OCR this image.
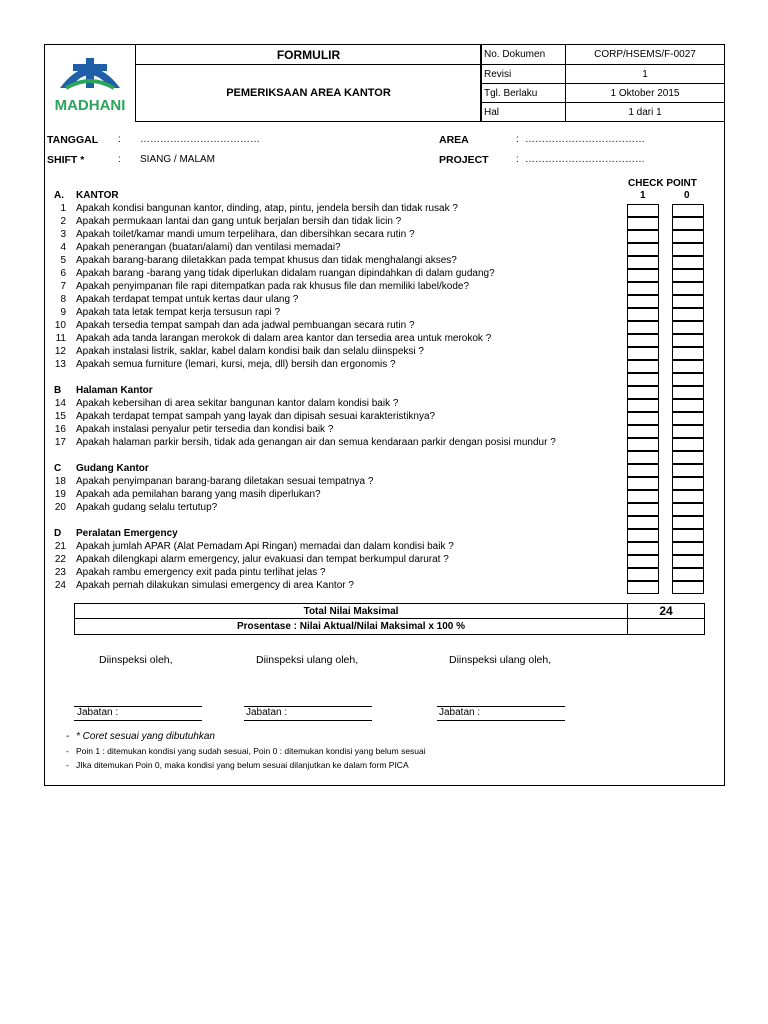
MADHANI
FORMULIR
PEMERIKSAAN AREA KANTOR
No. Dokumen	CORP/HSEMS/F-0027
Revisi	1
Tgl. Berlaku	1 Oktober 2015
Hal	1 dari 1
TANGGAL : ………………………………
SHIFT *	: SIANG / MALAM
AREA	: ………………………………
PROJECT	: ………………………………
CHECK POINT
1	0
A. KANTOR
1 Apakah kondisi bangunan kantor, dinding, atap, pintu, jendela bersih dan tidak rusak ?
2 Apakah permukaan lantai dan gang untuk berjalan bersih dan tidak licin ?
3 Apakah toilet/kamar mandi umum terpelihara, dan dibersihkan secara rutin ?
4 Apakah penerangan (buatan/alami) dan ventilasi memadai?
5 Apakah barang-barang diletakkan pada tempat khusus dan tidak menghalangi akses?
6 Apakah barang -barang yang tidak diperlukan didalam ruangan dipindahkan di dalam gudang?
7 Apakah penyimpanan file rapi ditempatkan pada rak khusus file dan memiliki label/kode?
8 Apakah terdapat tempat untuk kertas daur ulang ?
9 Apakah tata letak tempat kerja tersusun rapi ?
10 Apakah tersedia tempat sampah dan ada jadwal pembuangan secara rutin ?
11 Apakah ada tanda larangan merokok di dalam area kantor dan tersedia area untuk merokok ?
12 Apakah instalasi listrik, saklar, kabel dalam kondisi baik dan selalu diinspeksi ?
13 Apakah semua furniture (lemari, kursi, meja, dll) bersih dan ergonomis ?
B Halaman Kantor
14 Apakah kebersihan di area sekitar bangunan kantor dalam kondisi baik ?
15 Apakah terdapat tempat sampah yang layak dan dipisah sesuai karakteristiknya?
16 Apakah instalasi penyalur petir tersedia dan kondisi baik ?
17 Apakah halaman parkir bersih, tidak ada genangan air dan semua kendaraan parkir dengan posisi mundur ?
C Gudang Kantor
18 Apakah penyimpanan barang-barang diletakan sesuai tempatnya ?
19 Apakah ada pemilahan barang yang masih diperlukan?
20 Apakah gudang selalu tertutup?
D Peralatan Emergency
21 Apakah jumlah APAR (Alat Pemadam Api Ringan) memadai dan dalam kondisi baik ?
22 Apakah dilengkapi alarm emergency, jalur evakuasi dan tempat berkumpul darurat ?
23 Apakah rambu emergency exit pada pintu terlihat jelas ?
24 Apakah pernah dilakukan simulasi emergency di area Kantor ?
Total Nilai Maksimal	24
Prosentase : Nilai Aktual/Nilai Maksimal x 100 %
Diinspeksi oleh,	Diinspeksi ulang oleh,	Diinspeksi ulang oleh,
Jabatan :	Jabatan :	Jabatan :
- * Coret sesuai yang dibutuhkan
- Poin 1 : ditemukan kondisi yang sudah sesuai, Poin 0 : ditemukan kondisi yang belum sesuai
- JIka ditemukan Poin 0, maka kondisi yang belum sesuai dilanjutkan ke dalam form PICA
